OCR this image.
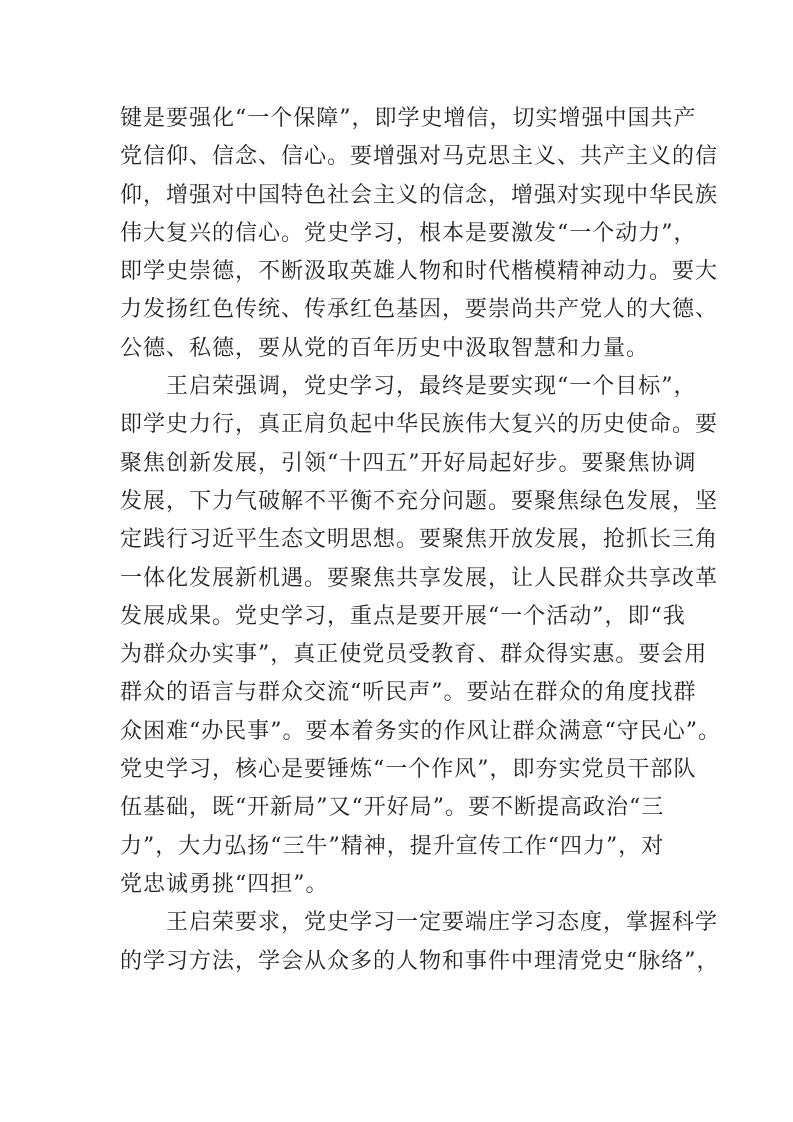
键是要强化“一个保障”，即学史增信，切实增强中国共产
党信仰、信念、信心。要增强对马克思主义、共产主义的信
仰，增强对中国特色社会主义的信念，增强对实现中华民族
伟大复兴的信心。党史学习，根本是要激发“一个动力”，
即学史崇德，不断汲取英雄人物和时代楷模精神动力。要大
力发扬红色传统、传承红色基因，要崇尚共产党人的大德、
公德、私德，要从党的百年历史中汲取智慧和力量。
　　王启荣强调，党史学习，最终是要实现“一个目标”，
即学史力行，真正肩负起中华民族伟大复兴的历史使命。要
聚焦创新发展，引领“十四五”开好局起好步。要聚焦协调
发展，下力气破解不平衡不充分问题。要聚焦绿色发展，坚
定践行习近平生态文明思想。要聚焦开放发展，抢抓长三角
一体化发展新机遇。要聚焦共享发展，让人民群众共享改革
发展成果。党史学习，重点是要开展“一个活动”，即“我
为群众办实事”，真正使党员受教育、群众得实惠。要会用
群众的语言与群众交流“听民声”。要站在群众的角度找群
众困难“办民事”。要本着务实的作风让群众满意“守民心”。
党史学习，核心是要锤炼“一个作风”，即夯实党员干部队
伍基础，既“开新局”又“开好局”。要不断提高政治“三
力”，大力弘扬“三牛”精神，提升宣传工作“四力”，对
党忠诚勇挑“四担”。
　　王启荣要求，党史学习一定要端庄学习态度，掌握科学
的学习方法，学会从众多的人物和事件中理清党史“脉络”，
